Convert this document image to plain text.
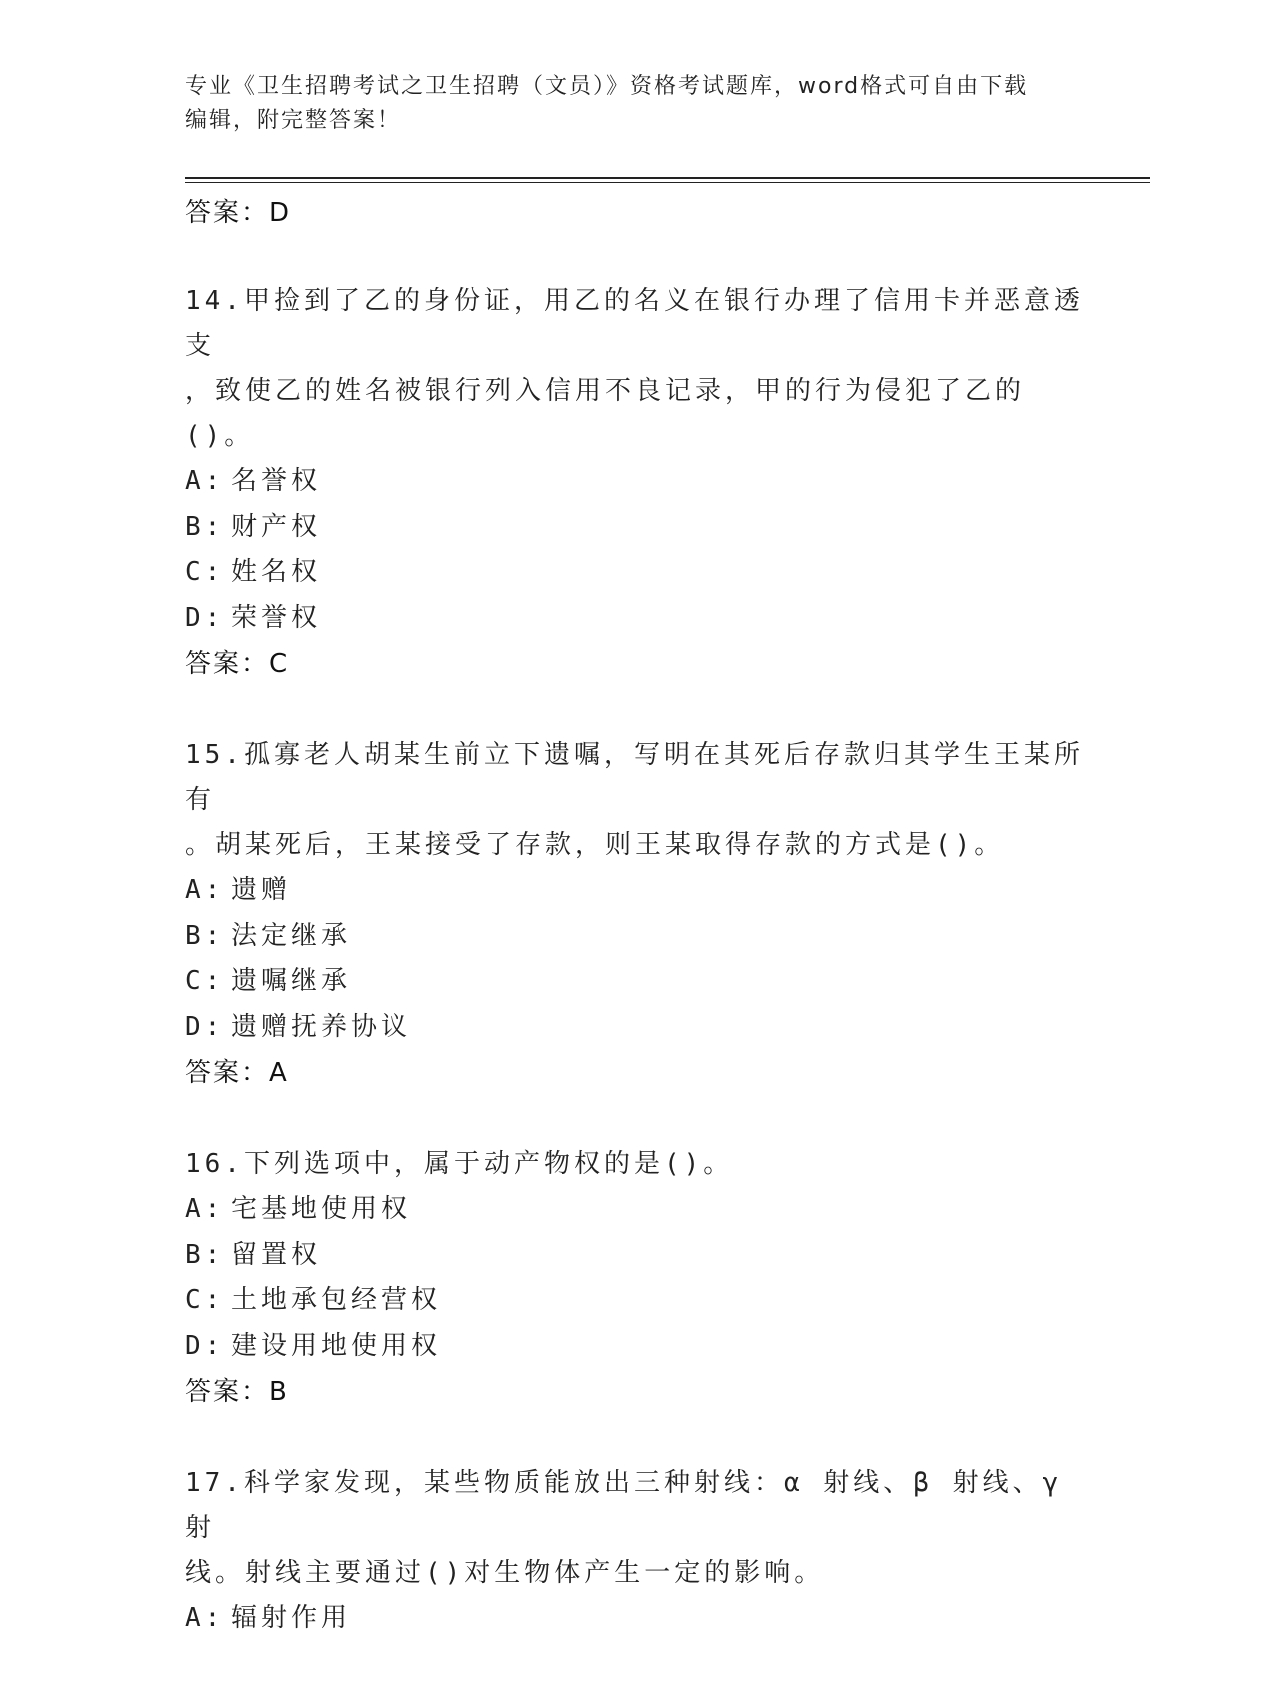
专业《卫生招聘考试之卫生招聘（文员）》资格考试题库，word格式可自由下载
编辑，附完整答案！
答案：D
14.甲捡到了乙的身份证，用乙的名义在银行办理了信用卡并恶意透支
，致使乙的姓名被银行列入信用不良记录，甲的行为侵犯了乙的()。
A: 名誉权
B: 财产权
C: 姓名权
D: 荣誉权
答案：C
15.孤寡老人胡某生前立下遗嘱，写明在其死后存款归其学生王某所有
。胡某死后，王某接受了存款，则王某取得存款的方式是()。
A: 遗赠
B: 法定继承
C: 遗嘱继承
D: 遗赠抚养协议
答案：A
16.下列选项中，属于动产物权的是()。
A: 宅基地使用权
B: 留置权
C: 土地承包经营权
D: 建设用地使用权
答案：B
17.科学家发现，某些物质能放出三种射线：α 射线、β 射线、γ 射
线。射线主要通过()对生物体产生一定的影响。
A: 辐射作用
